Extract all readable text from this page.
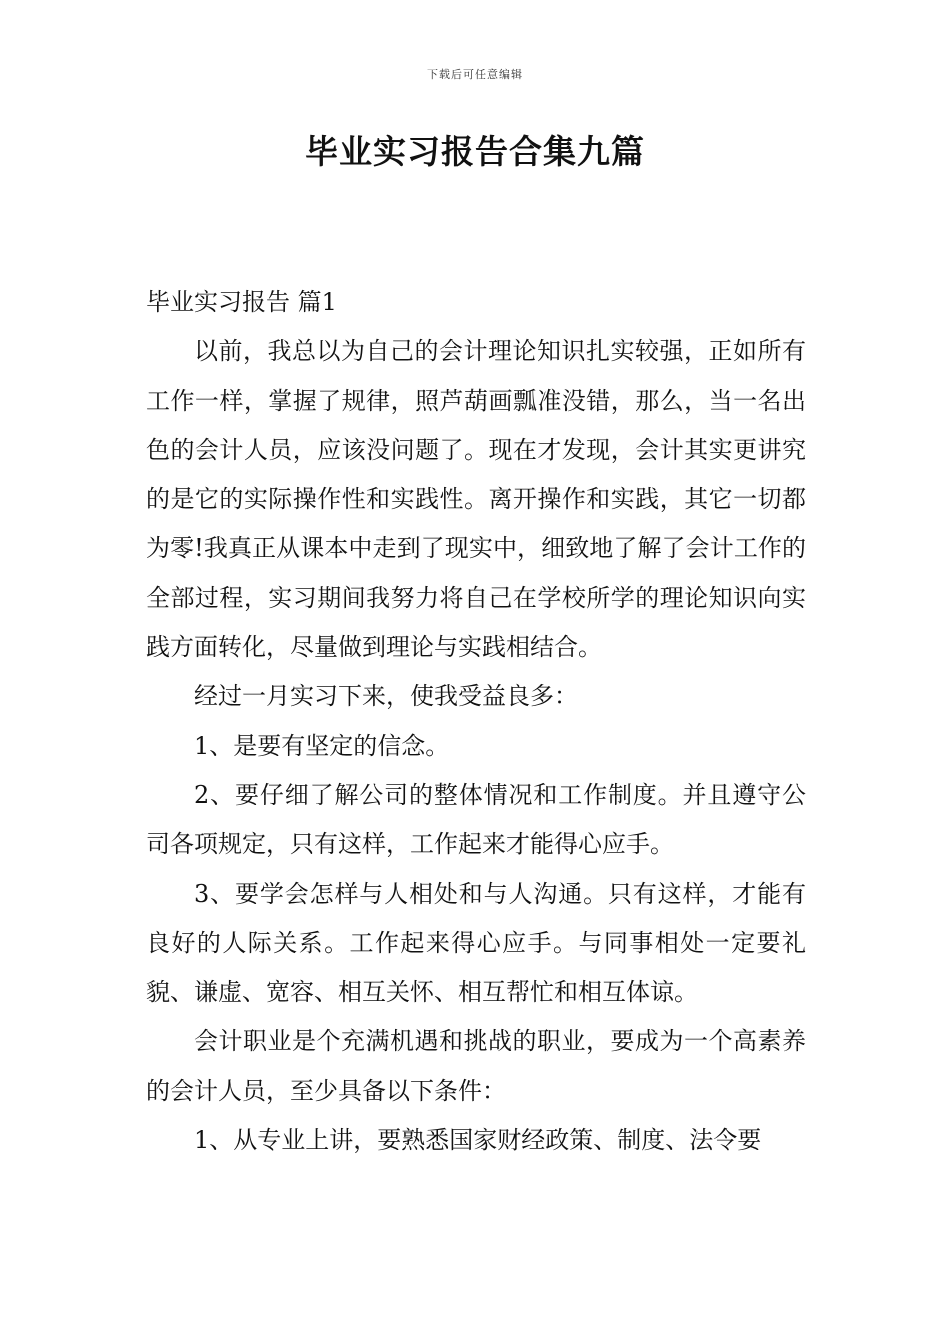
下载后可任意编辑
毕业实习报告合集九篇

毕业实习报告 篇1

以前，我总以为自己的会计理论知识扎实较强，正如所有工作一样，掌握了规律，照芦葫画瓢准没错，那么，当一名出色的会计人员，应该没问题了。现在才发现，会计其实更讲究的是它的实际操作性和实践性。离开操作和实践，其它一切都为零!我真正从课本中走到了现实中，细致地了解了会计工作的全部过程，实习期间我努力将自己在学校所学的理论知识向实践方面转化，尽量做到理论与实践相结合。

经过一月实习下来，使我受益良多：

1、是要有坚定的信念。

2、要仔细了解公司的整体情况和工作制度。并且遵守公司各项规定，只有这样，工作起来才能得心应手。

3、要学会怎样与人相处和与人沟通。只有这样，才能有良好的人际关系。工作起来得心应手。与同事相处一定要礼貌、谦虚、宽容、相互关怀、相互帮忙和相互体谅。

会计职业是个充满机遇和挑战的职业，要成为一个高素养的会计人员，至少具备以下条件：

1、从专业上讲，要熟悉国家财经政策、制度、法令要
